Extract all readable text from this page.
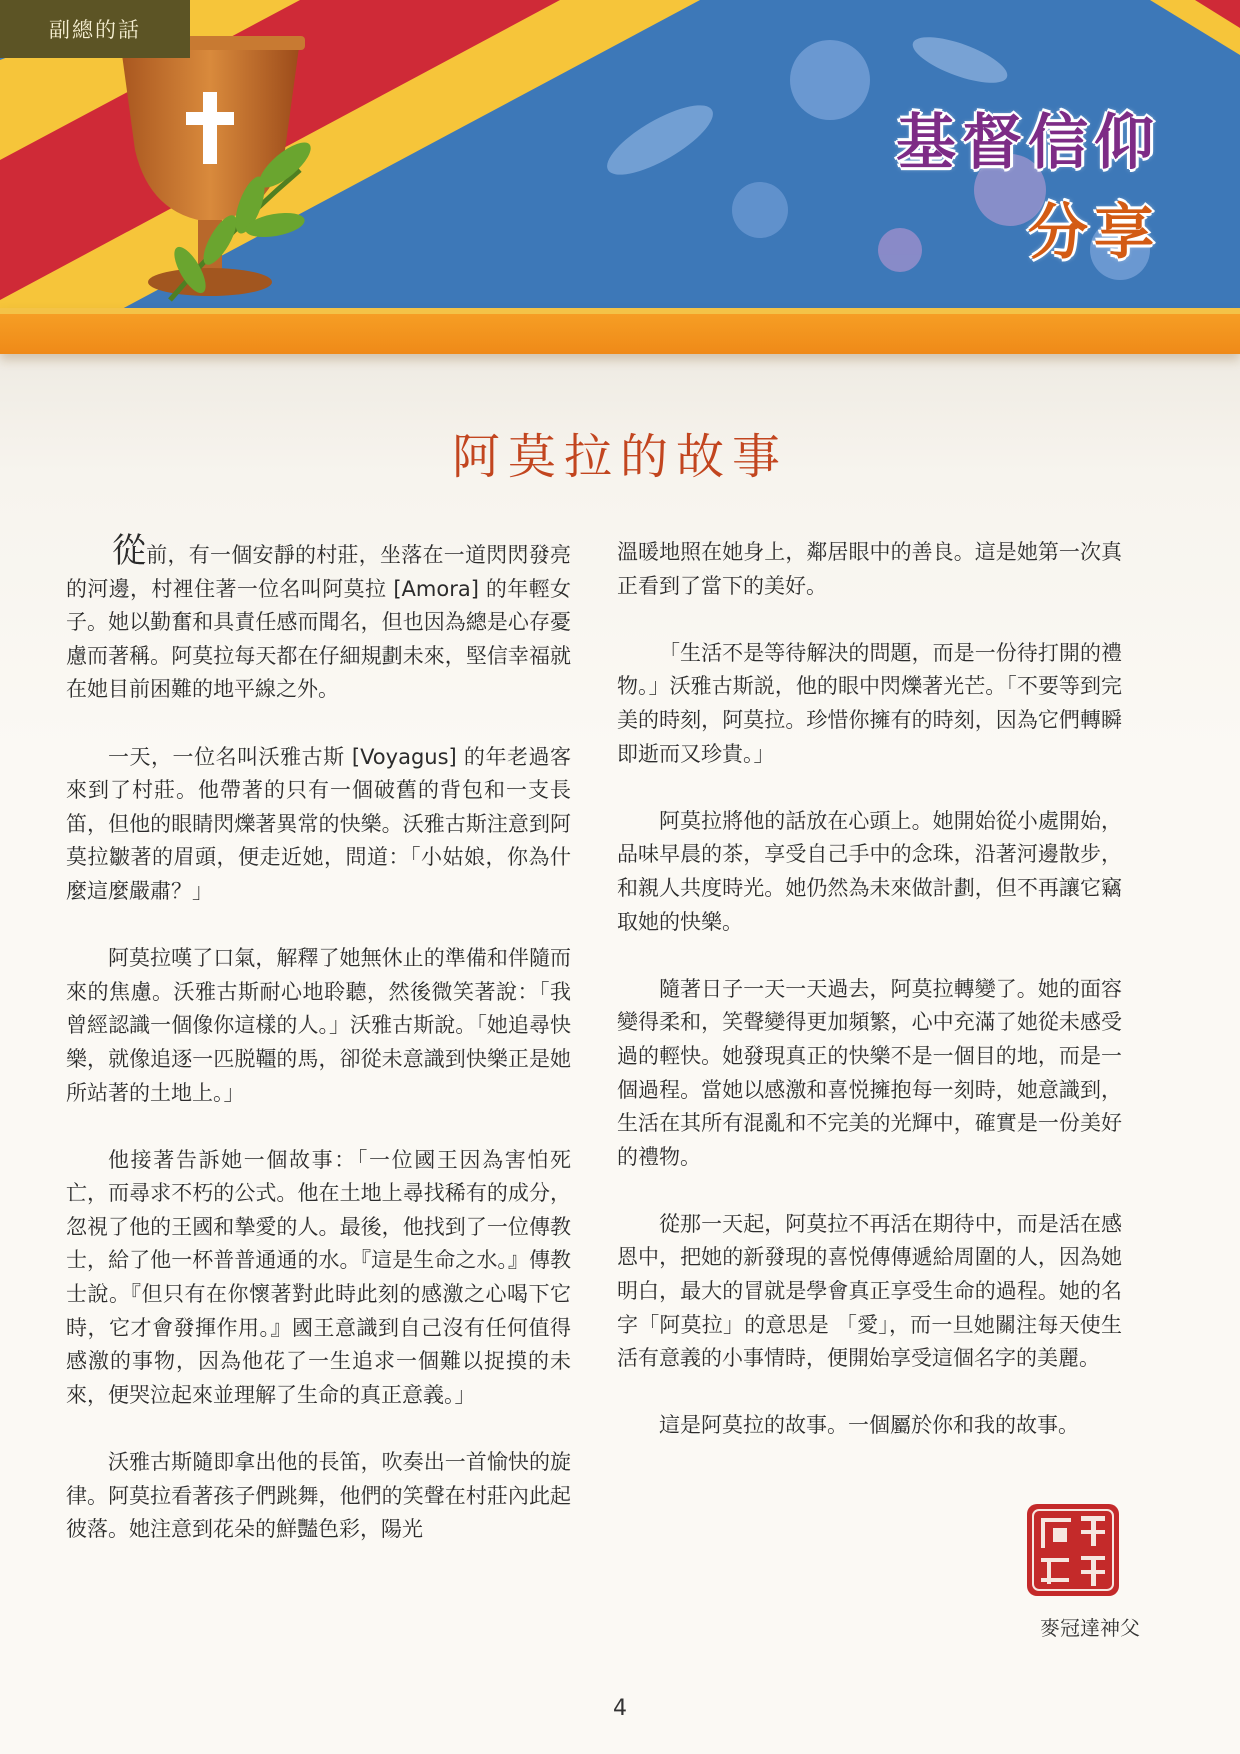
副總的話
基督信仰
分享
阿莫拉的故事

從前，有一個安靜的村莊，坐落在一道閃閃發亮的河邊，村裡住著一位名叫阿莫拉 [Amora] 的年輕女子。她以勤奮和具責任感而聞名，但也因為總是心存憂慮而著稱。阿莫拉每天都在仔細規劃未來，堅信幸福就在她目前困難的地平線之外。

一天，一位名叫沃雅古斯 [Voyagus] 的年老過客來到了村莊。他帶著的只有一個破舊的背包和一支長笛，但他的眼睛閃爍著異常的快樂。沃雅古斯注意到阿莫拉皺著的眉頭，便走近她，問道：「小姑娘，你為什麼這麼嚴肅？」

阿莫拉嘆了口氣，解釋了她無休止的準備和伴隨而來的焦慮。沃雅古斯耐心地聆聽，然後微笑著說：「我曾經認識一個像你這樣的人。」沃雅古斯說。「她追尋快樂，就像追逐一匹脱韁的馬，卻從未意識到快樂正是她所站著的土地上。」

他接著告訴她一個故事：「一位國王因為害怕死亡，而尋求不朽的公式。他在土地上尋找稀有的成分，忽視了他的王國和摯愛的人。最後，他找到了一位傳教士，給了他一杯普普通通的水。『這是生命之水。』傳教士說。『但只有在你懷著對此時此刻的感激之心喝下它時，它才會發揮作用。』國王意識到自己沒有任何值得感激的事物，因為他花了一生追求一個難以捉摸的未來，便哭泣起來並理解了生命的真正意義。」

沃雅古斯隨即拿出他的長笛，吹奏出一首愉快的旋律。阿莫拉看著孩子們跳舞，他們的笑聲在村莊內此起彼落。她注意到花朵的鮮豔色彩，陽光

溫暖地照在她身上，鄰居眼中的善良。這是她第一次真正看到了當下的美好。

「生活不是等待解決的問題，而是一份待打開的禮物。」沃雅古斯説，他的眼中閃爍著光芒。「不要等到完美的時刻，阿莫拉。珍惜你擁有的時刻，因為它們轉瞬即逝而又珍貴。」

阿莫拉將他的話放在心頭上。她開始從小處開始，品味早晨的茶，享受自己手中的念珠，沿著河邊散步，和親人共度時光。她仍然為未來做計劃，但不再讓它竊取她的快樂。

隨著日子一天一天過去，阿莫拉轉變了。她的面容變得柔和，笑聲變得更加頻繁，心中充滿了她從未感受過的輕快。她發現真正的快樂不是一個目的地，而是一個過程。當她以感激和喜悦擁抱每一刻時，她意識到，生活在其所有混亂和不完美的光輝中，確實是一份美好的禮物。

從那一天起，阿莫拉不再活在期待中，而是活在感恩中，把她的新發現的喜悦傳傳遞給周圍的人，因為她明白，最大的冒就是學會真正享受生命的過程。她的名字「阿莫拉」的意思是 「愛」，而一旦她關注每天使生活有意義的小事情時，便開始享受這個名字的美麗。

這是阿莫拉的故事。一個屬於你和我的故事。

麥冠達神父
4
